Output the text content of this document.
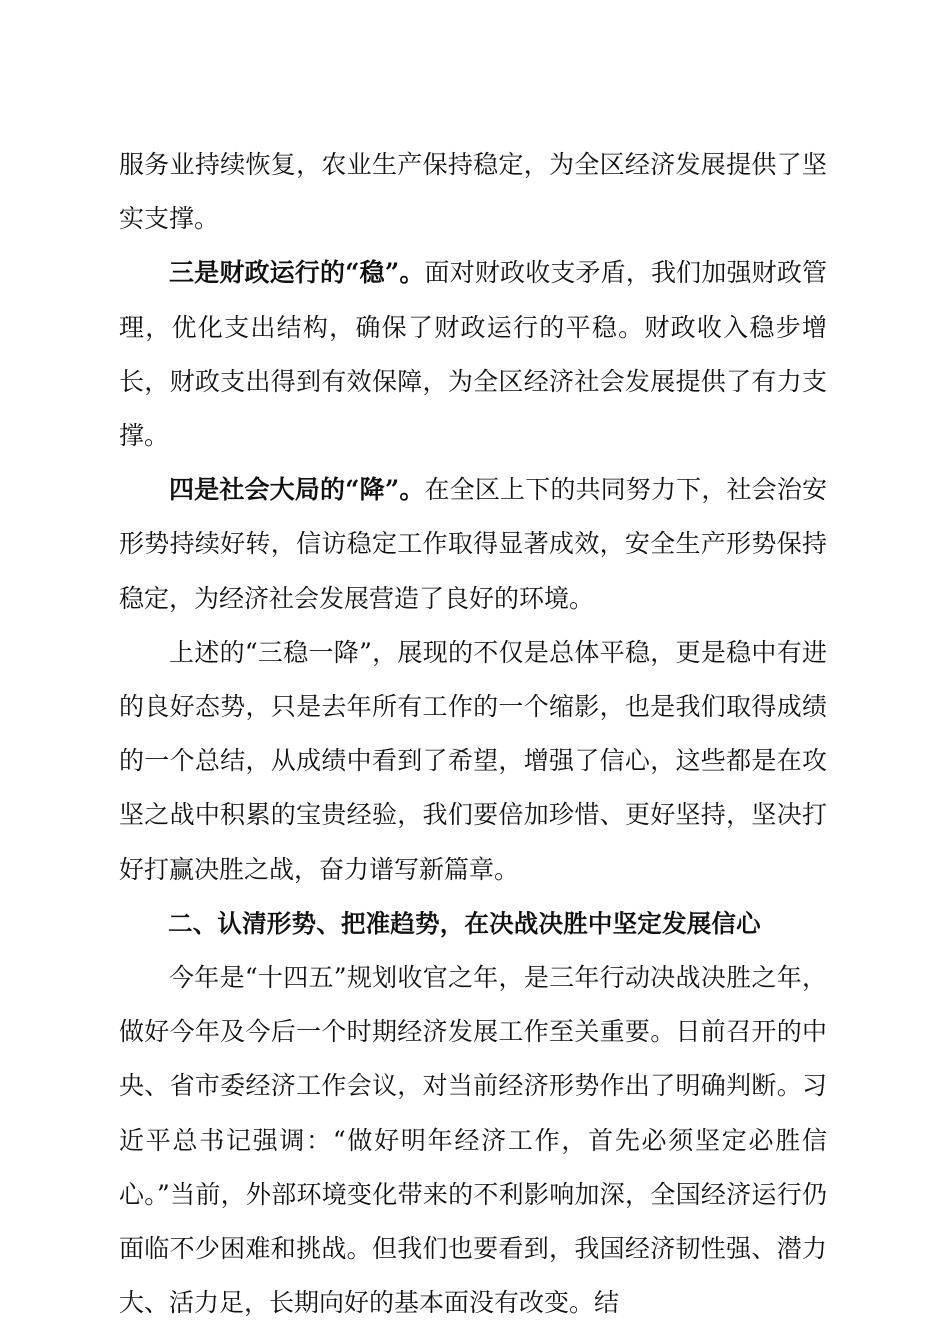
服务业持续恢复，农业生产保持稳定，为全区经济发展提供了坚实支撑。

三是财政运行的“稳”。面对财政收支矛盾，我们加强财政管理，优化支出结构，确保了财政运行的平稳。财政收入稳步增长，财政支出得到有效保障，为全区经济社会发展提供了有力支撑。

四是社会大局的“降”。在全区上下的共同努力下，社会治安形势持续好转，信访稳定工作取得显著成效，安全生产形势保持稳定，为经济社会发展营造了良好的环境。

上述的“三稳一降”，展现的不仅是总体平稳，更是稳中有进的良好态势，只是去年所有工作的一个缩影，也是我们取得成绩的一个总结，从成绩中看到了希望，增强了信心，这些都是在攻坚之战中积累的宝贵经验，我们要倍加珍惜、更好坚持，坚决打好打赢决胜之战，奋力谱写新篇章。

二、认清形势、把准趋势，在决战决胜中坚定发展信心

今年是“十四五”规划收官之年，是三年行动决战决胜之年，做好今年及今后一个时期经济发展工作至关重要。日前召开的中央、省市委经济工作会议，对当前经济形势作出了明确判断。习近平总书记强调：“做好明年经济工作，首先必须坚定必胜信心。”当前，外部环境变化带来的不利影响加深，全国经济运行仍面临不少困难和挑战。但我们也要看到，我国经济韧性强、潜力大、活力足，长期向好的基本面没有改变。结
